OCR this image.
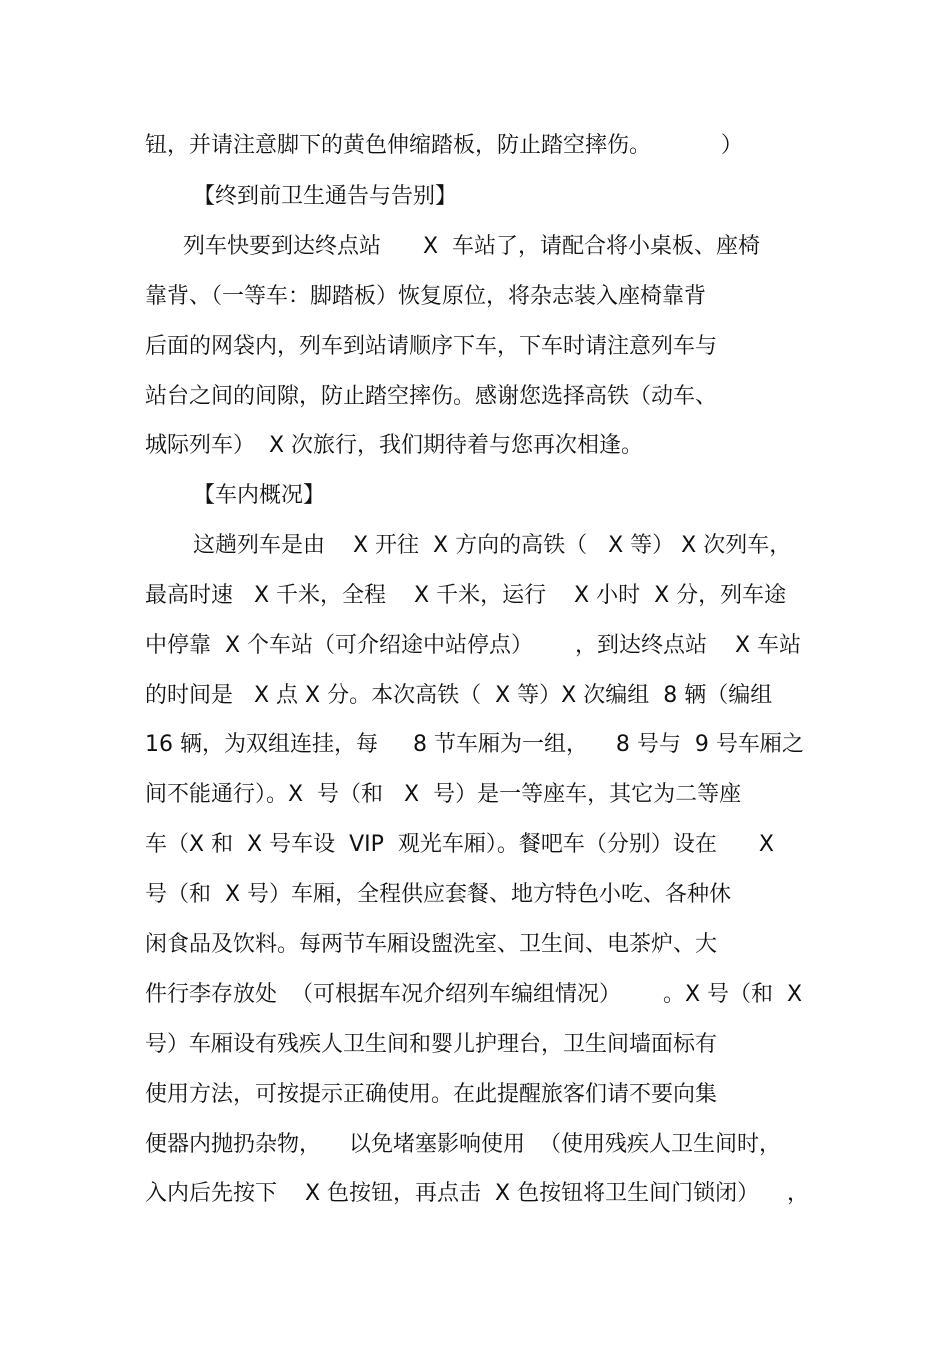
钮，并请注意脚下的黄色伸缩踏板，防止踏空摔伤。          ）
【终到前卫生通告与告别】
列车快要到达终点站      X  车站了，请配合将小桌板、座椅
靠背、（一等车：脚踏板）恢复原位，将杂志装入座椅靠背
后面的网袋内，列车到站请顺序下车，下车时请注意列车与
站台之间的间隙，防止踏空摔伤。感谢您选择高铁（动车、
城际列车）  X 次旅行，我们期待着与您再次相逢。
【车内概况】
这趟列车是由    X 开往  X 方向的高铁（   X 等） X 次列车，
最高时速   X 千米，全程    X 千米，运行    X 小时  X 分，列车途
中停靠  X 个车站（可介绍途中站停点）      ，到达终点站    X 车站
的时间是   X 点 X 分。本次高铁（  X 等）X 次编组  8 辆（编组
16 辆，为双组连挂，每     8 节车厢为一组，    8 号与  9 号车厢之
间不能通行）。X  号（和   X  号）是一等座车，其它为二等座
车（X 和  X 号车设  VIP  观光车厢）。餐吧车（分别）设在      X
号（和  X 号）车厢，全程供应套餐、地方特色小吃、各种休
闲食品及饮料。每两节车厢设盥洗室、卫生间、电茶炉、大
件行李存放处  （可根据车况介绍列车编组情况）      。X 号（和  X
号）车厢设有残疾人卫生间和婴儿护理台，卫生间墙面标有
使用方法，可按提示正确使用。在此提醒旅客们请不要向集
便器内抛扔杂物，    以免堵塞影响使用  （使用残疾人卫生间时，
入内后先按下    X 色按钮，再点击  X 色按钮将卫生间门锁闭）    ，
